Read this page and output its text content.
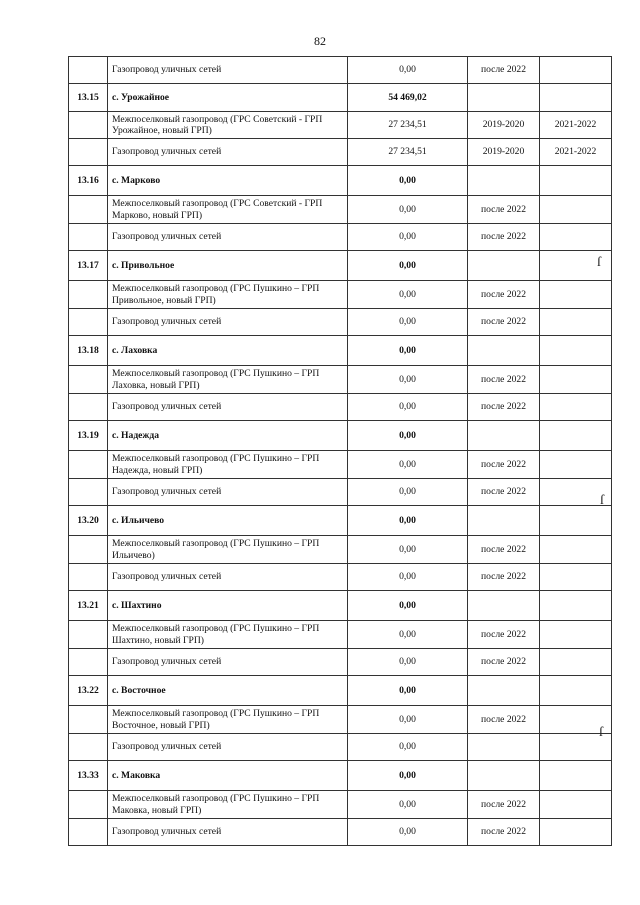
82
	Газопровод уличных сетей	0,00	после 2022	
13.15	с. Урожайное	54 469,02		
	Межпоселковый газопровод (ГРС Советский - ГРП Урожайное, новый ГРП)	27 234,51	2019-2020	2021-2022
	Газопровод уличных сетей	27 234,51	2019-2020	2021-2022
13.16	с. Марково	0,00		
	Межпоселковый газопровод (ГРС Советский - ГРП Марково, новый ГРП)	0,00	после 2022	
	Газопровод уличных сетей	0,00	после 2022	
13.17	с. Привольное	0,00		
	Межпоселковый газопровод (ГРС Пушкино – ГРП Привольное, новый ГРП)	0,00	после 2022	
	Газопровод уличных сетей	0,00	после 2022	
13.18	с. Лаховка	0,00		
	Межпоселковый газопровод (ГРС Пушкино – ГРП Лаховка, новый ГРП)	0,00	после 2022	
	Газопровод уличных сетей	0,00	после 2022	
13.19	с. Надежда	0,00		
	Межпоселковый газопровод (ГРС Пушкино – ГРП Надежда, новый ГРП)	0,00	после 2022	
	Газопровод уличных сетей	0,00	после 2022	
13.20	с. Ильичево	0,00		
	Межпоселковый газопровод (ГРС Пушкино – ГРП Ильичево)	0,00	после 2022	
	Газопровод уличных сетей	0,00	после 2022	
13.21	с. Шахтино	0,00		
	Межпоселковый газопровод (ГРС Пушкино – ГРП Шахтино, новый ГРП)	0,00	после 2022	
	Газопровод уличных сетей	0,00	после 2022	
13.22	с. Восточное	0,00		
	Межпоселковый газопровод (ГРС Пушкино – ГРП Восточное, новый ГРП)	0,00	после 2022	
	Газопровод уличных сетей	0,00		
13.33	с. Маковка	0,00		
	Межпоселковый газопровод (ГРС Пушкино – ГРП Маковка, новый ГРП)	0,00	после 2022	
	Газопровод уличных сетей	0,00	после 2022	
ſ
ſ
ſ
